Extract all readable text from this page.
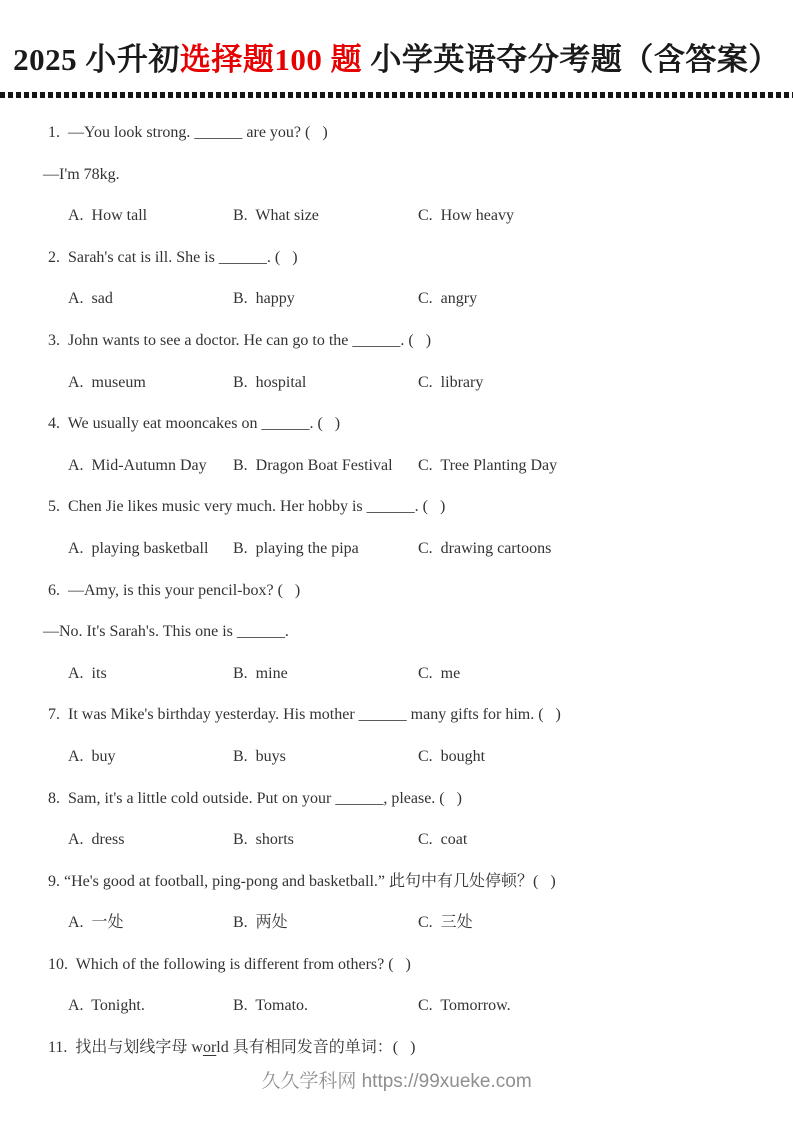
2025 小升初选择题100 题 小学英语夺分考题（含答案）
1.  —You look strong. ______ are you? (   )
—I'm 78kg.
A.  How tall	B.  What size	C.  How heavy
2.  Sarah's cat is ill. She is ______. (   )
A.  sad	B.  happy	C.  angry
3.  John wants to see a doctor. He can go to the ______. (   )
A.  museum	B.  hospital	C.  library
4.  We usually eat mooncakes on ______. (   )
A.  Mid-Autumn Day	B.  Dragon Boat Festival	C.  Tree Planting Day
5.  Chen Jie likes music very much. Her hobby is ______. (   )
A.  playing basketball	B.  playing the pipa	C.  drawing cartoons
6.  —Amy, is this your pencil-box? (   )
—No. It's Sarah's. This one is ______.
A.  its	B.  mine	C.  me
7.  It was Mike's birthday yesterday. His mother ______ many gifts for him. (   )
A.  buy	B.  buys	C.  bought
8.  Sam, it's a little cold outside. Put on your ______, please. (   )
A.  dress	B.  shorts	C.  coat
9. “He's good at football, ping-pong and basketball.” 此句中有几处停顿？(   )
A.  一处	B.  两处	C.  三处
10.  Which of the following is different from others? (   )
A.  Tonight.	B.  Tomato.	C.  Tomorrow.
11.  找出与划线字母 world 具有相同发音的单词：(   )
久久学科网 https://99xueke.com
